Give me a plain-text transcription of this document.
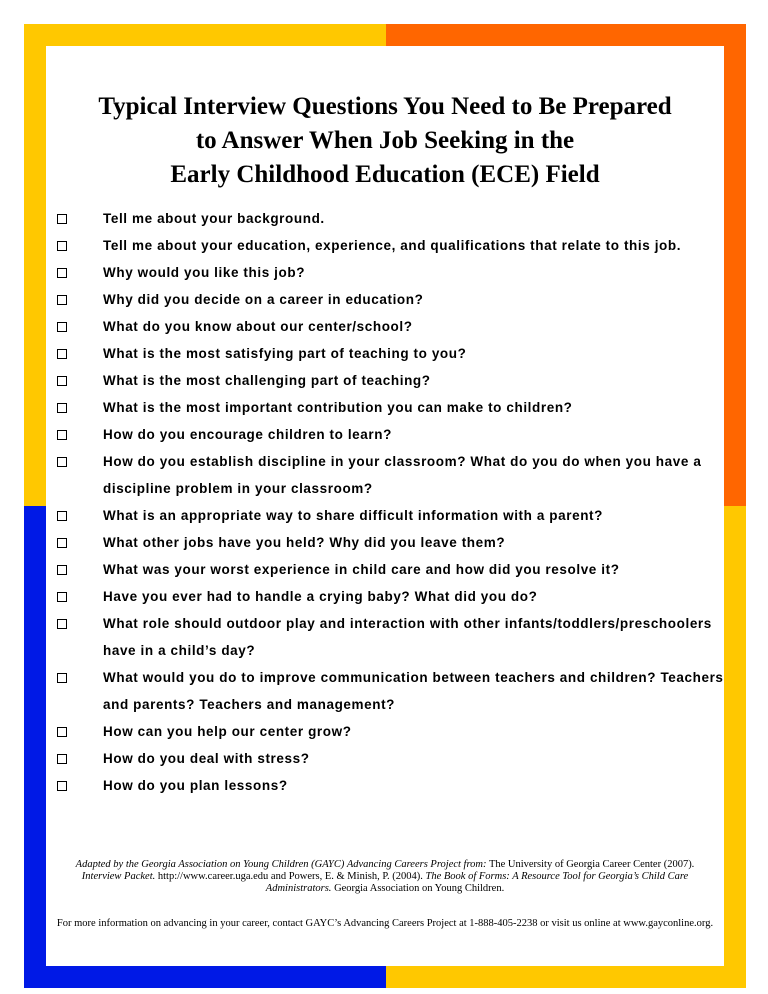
Typical Interview Questions You Need to Be Prepared
to Answer When Job Seeking in the
Early Childhood Education (ECE) Field
Tell me about your background.
Tell me about your education, experience, and qualifications that relate to this job.
Why would you like this job?
Why did you decide on a career in education?
What do you know about our center/school?
What is the most satisfying part of teaching to you?
What is the most challenging part of teaching?
What is the most important contribution you can make to children?
How do you encourage children to learn?
How do you establish discipline in your classroom? What do you do when you have a discipline problem in your classroom?
What is an appropriate way to share difficult information with a parent?
What other jobs have you held? Why did you leave them?
What was your worst experience in child care and how did you resolve it?
Have you ever had to handle a crying baby? What did you do?
What role should outdoor play and interaction with other infants/toddlers/preschoolers have in a child’s day?
What would you do to improve communication between teachers and children? Teachers and parents? Teachers and management?
How can you help our center grow?
How do you deal with stress?
How do you plan lessons?
Adapted by the Georgia Association on Young Children (GAYC) Advancing Careers Project from: The University of Georgia Career Center (2007). Interview Packet. http://www.career.uga.edu and Powers, E. & Minish, P. (2004). The Book of Forms: A Resource Tool for Georgia’s Child Care Administrators. Georgia Association on Young Children.
For more information on advancing in your career, contact GAYC’s Advancing Careers Project at 1-888-405-2238 or visit us online at www.gayconline.org.
